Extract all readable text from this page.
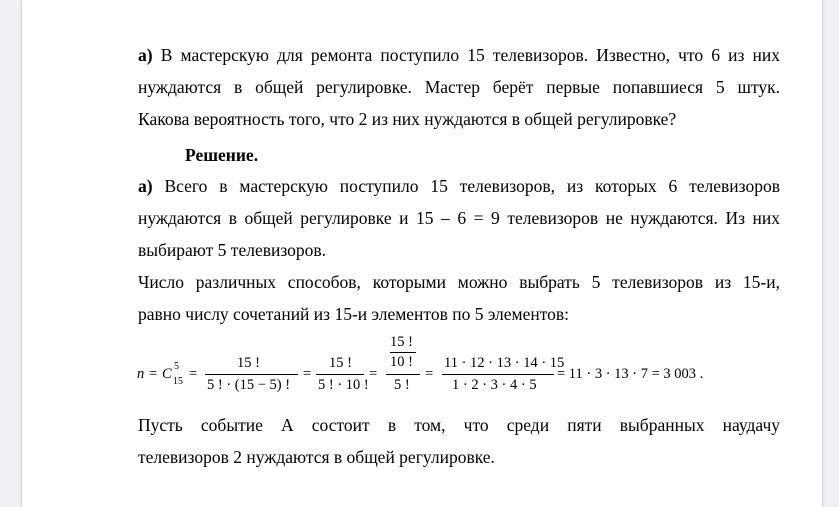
а) В мастерскую для ремонта поступило 15 телевизоров. Известно, что 6 из них

нуждаются в общей регулировке. Мастер берёт первые попавшиеся 5 штук.

Какова вероятность того, что 2 из них нуждаются в общей регулировке?

Решение.

а) Всего в мастерскую поступило 15 телевизоров, из которых 6 телевизоров

нуждаются в общей регулировке и 15 – 6 = 9 телевизоров не нуждаются. Из них

выбирают 5 телевизоров.

Число различных способов, которыми можно выбрать 5 телевизоров из 15-и,

равно числу сочетаний из 15-и элементов по 5 элементов:

n = C 5
15 =
15 !
5 ! · (15 − 5) !
=
15 !
5 ! · 10 !
=
15 !
10 !
5 !
=
11 · 12 · 13 · 14 · 15
1 · 2 · 3 · 4 · 5
= 11 · 3 · 13 · 7 = 3 003 .

Пусть событие А состоит в том, что среди пяти выбранных наудачу

телевизоров 2 нуждаются в общей регулировке.
